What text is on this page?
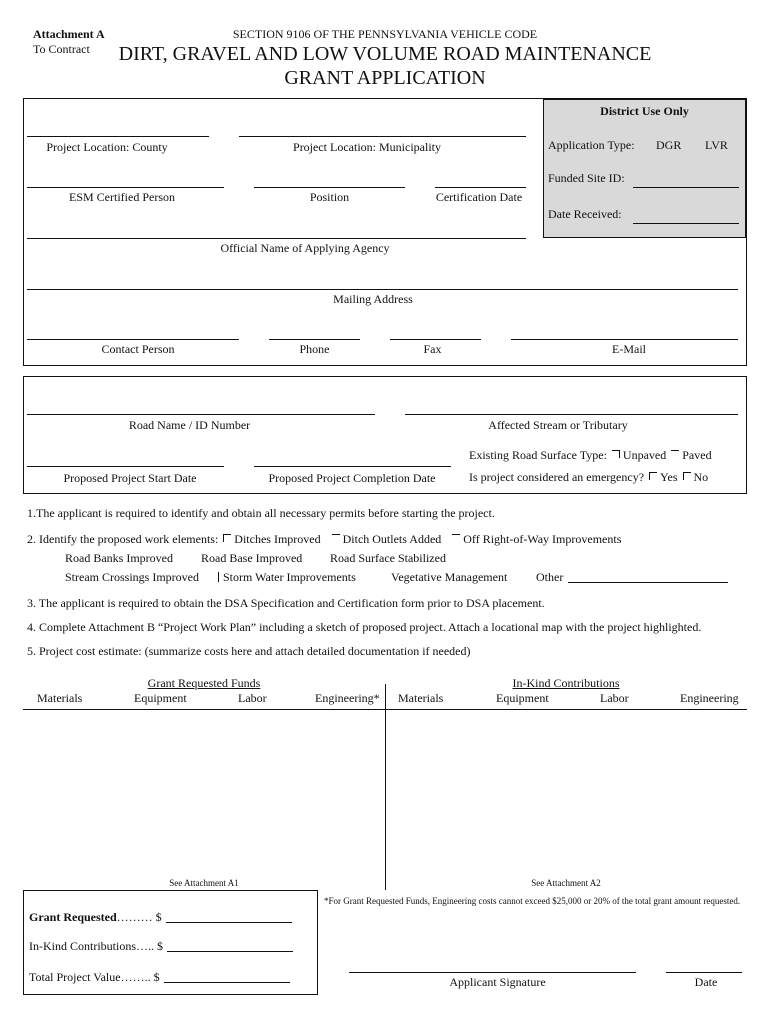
Attachment A
To Contract
SECTION 9106 OF THE PENNSYLVANIA VEHICLE CODE
DIRT, GRAVEL AND LOW VOLUME ROAD MAINTENANCE
GRANT APPLICATION
District Use Only
Application Type: DGR LVR
Funded Site ID:
Date Received:
Project Location: County	Project Location: Municipality
ESM Certified Person	Position	Certification Date
Official Name of Applying Agency
Mailing Address
Contact Person	Phone	Fax	E-Mail
Road Name / ID Number	Affected Stream or Tributary
Proposed Project Start Date	Proposed Project Completion Date
Existing Road Surface Type: Unpaved Paved
Is project considered an emergency? Yes No
1.The applicant is required to identify and obtain all necessary permits before starting the project.
2. Identify the proposed work elements: Ditches Improved Ditch Outlets Added Off Right-of-Way Improvements
Road Banks Improved Road Base Improved Road Surface Stabilized
Stream Crossings Improved	Storm Water Improvements	Vegetative Management Other
3. The applicant is required to obtain the DSA Specification and Certification form prior to DSA placement.
4. Complete Attachment B “Project Work Plan” including a sketch of proposed project. Attach a locational map with the project highlighted.
5. Project cost estimate: (summarize costs here and attach detailed documentation if needed)
Grant Requested Funds	In-Kind Contributions
Materials	Equipment	Labor	Engineering* Materials	Equipment	Labor	Engineering
See Attachment A1	See Attachment A2
Grant Requested……… $
In-Kind Contributions….. $
Total Project Value…….. $
*For Grant Requested Funds, Engineering costs cannot exceed $25,000 or 20% of the total grant amount requested.
Applicant Signature	Date
